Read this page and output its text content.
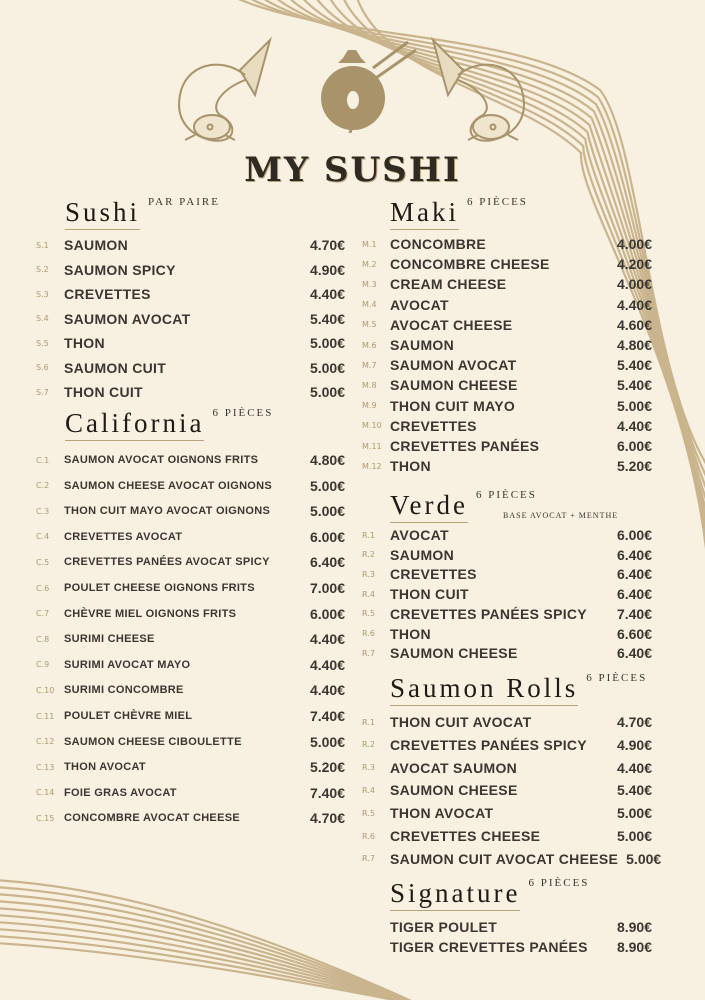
MY SUSHI
Sushi PAR PAIRE
S.1	SAUMON	4.70€
S.2	SAUMON SPICY	4.90€
S.3	CREVETTES	4.40€
S.4	SAUMON AVOCAT	5.40€
S.5	THON	5.00€
S.6	SAUMON CUIT	5.00€
S.7	THON CUIT	5.00€
California 6 PIÈCES
C.1	SAUMON AVOCAT OIGNONS FRITS	4.80€
C.2	SAUMON CHEESE AVOCAT OIGNONS	5.00€
C.3	THON CUIT MAYO AVOCAT OIGNONS	5.00€
C.4	CREVETTES AVOCAT	6.00€
C.5	CREVETTES PANÉES AVOCAT SPICY	6.40€
C.6	POULET CHEESE OIGNONS FRITS	7.00€
C.7	CHÈVRE MIEL OIGNONS FRITS	6.00€
C.8	SURIMI CHEESE	4.40€
C.9	SURIMI AVOCAT MAYO	4.40€
C.10 SURIMI CONCOMBRE	4.40€
C.11 POULET CHÈVRE MIEL	7.40€
C.12 SAUMON CHEESE CIBOULETTE	5.00€
C.13 THON AVOCAT	5.20€
C.14 FOIE GRAS AVOCAT	7.40€
C.15 CONCOMBRE AVOCAT CHEESE	4.70€
Maki 6 PIÈCES
M.1 CONCOMBRE	4.00€
M.2 CONCOMBRE CHEESE	4.20€
M.3 CREAM CHEESE	4.00€
M.4 AVOCAT	4.40€
M.5 AVOCAT CHEESE	4.60€
M.6 SAUMON	4.80€
M.7 SAUMON AVOCAT	5.40€
M.8 SAUMON CHEESE	5.40€
M.9 THON CUIT MAYO	5.00€
M.10 CREVETTES	4.40€
M.11 CREVETTES PANÉES	6.00€
M.12 THON	5.20€
Verde 6 PIÈCES
BASE AVOCAT + MENTHE
R.1	AVOCAT	6.00€
R.2	SAUMON	6.40€
R.3	CREVETTES	6.40€
R.4	THON CUIT	6.40€
R.5	CREVETTES PANÉES SPICY	7.40€
R.6	THON	6.60€
R.7	SAUMON CHEESE	6.40€
Saumon Rolls 6 PIÈCES
R.1	THON CUIT AVOCAT	4.70€
R.2	CREVETTES PANÉES SPICY	4.90€
R.3	AVOCAT SAUMON	4.40€
R.4	SAUMON CHEESE	5.40€
R.5	THON AVOCAT	5.00€
R.6	CREVETTES CHEESE	5.00€
R.7	SAUMON CUIT AVOCAT CHEESE 5.00€
Signature 6 PIÈCES
TIGER POULET	8.90€
TIGER CREVETTES PANÉES	8.90€
